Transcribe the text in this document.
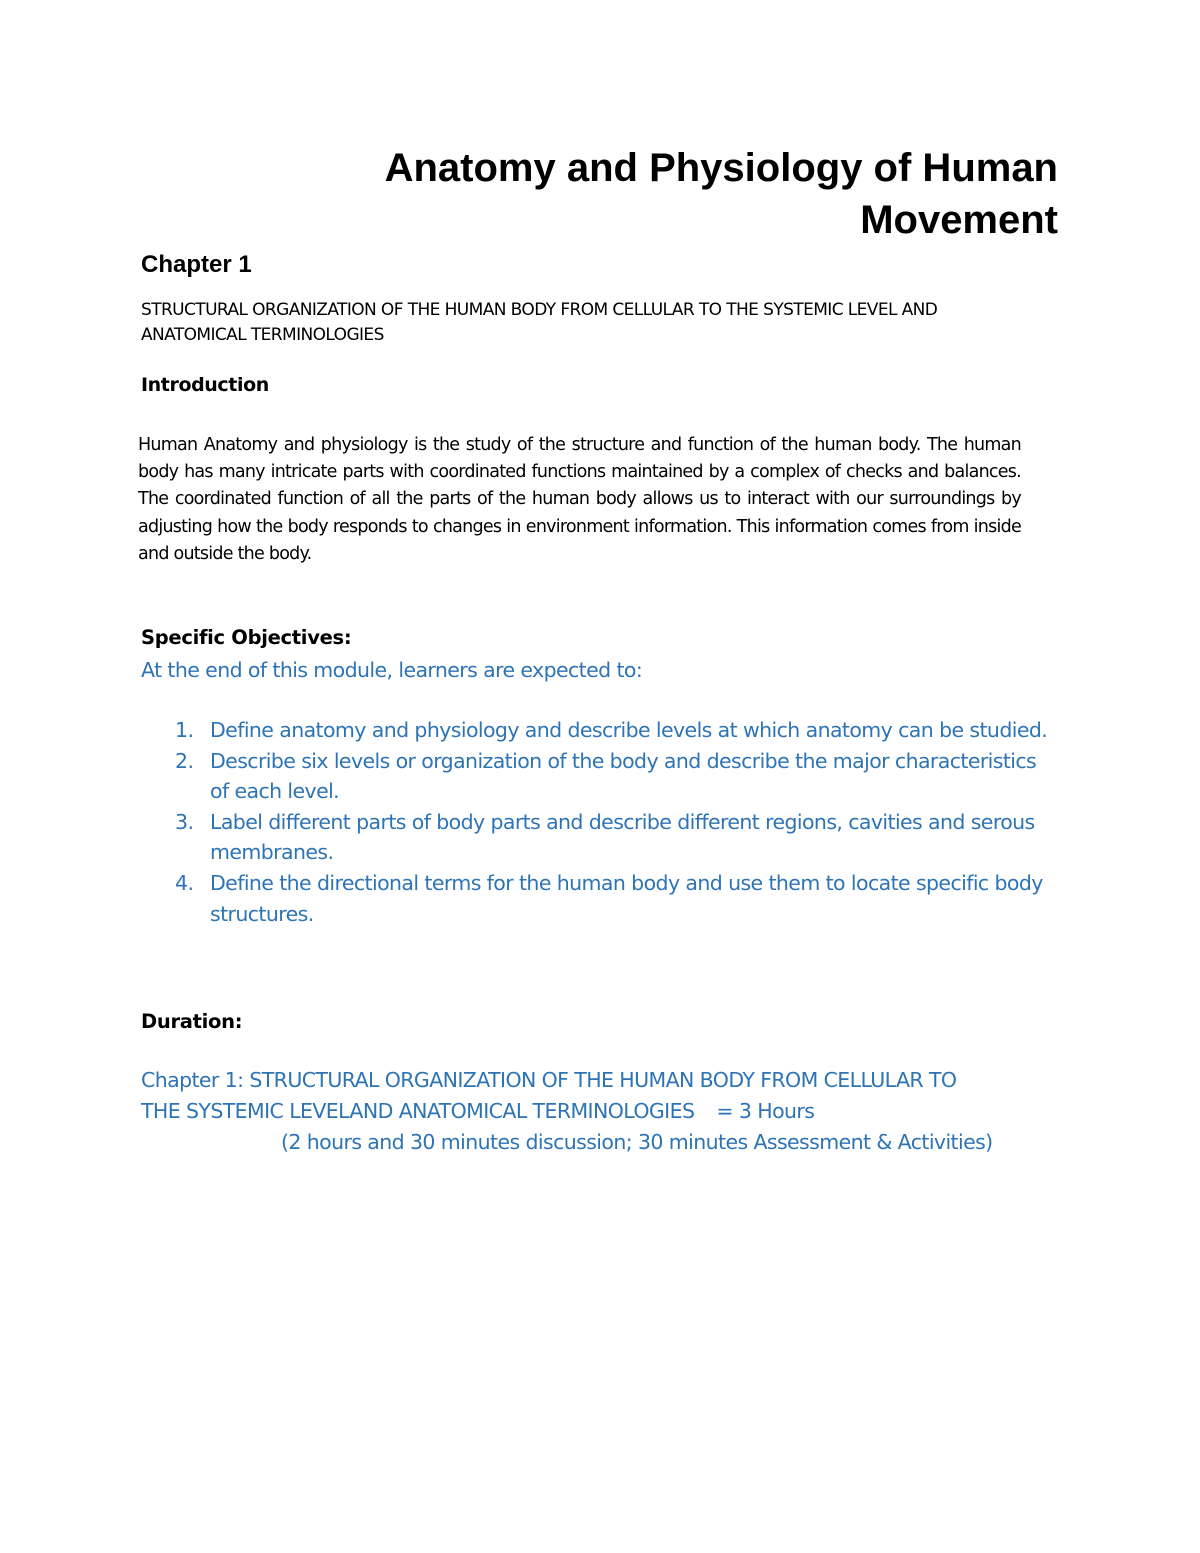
Anatomy and Physiology of Human
Movement
Chapter 1

STRUCTURAL ORGANIZATION OF THE HUMAN BODY FROM CELLULAR TO THE SYSTEMIC LEVEL AND ANATOMICAL TERMINOLOGIES

Introduction

Human Anatomy and physiology is the study of the structure and function of the human body. The human body has many intricate parts with coordinated functions maintained by a complex of checks and balances. The coordinated function of all the parts of the human body allows us to interact with our surroundings by adjusting how the body responds to changes in environment information. This information comes from inside and outside the body.

Specific Objectives:

At the end of this module, learners are expected to:

1. Define anatomy and physiology and describe levels at which anatomy can be studied.
2. Describe six levels or organization of the body and describe the major characteristics of each level.
3. Label different parts of body parts and describe different regions, cavities and serous membranes.
4. Define the directional terms for the human body and use them to locate specific body structures.
Duration:
Chapter 1: STRUCTURAL ORGANIZATION OF THE HUMAN BODY FROM CELLULAR TO
THE SYSTEMIC LEVELAND ANATOMICAL TERMINOLOGIES = 3 Hours
(2 hours and 30 minutes discussion; 30 minutes Assessment & Activities)
